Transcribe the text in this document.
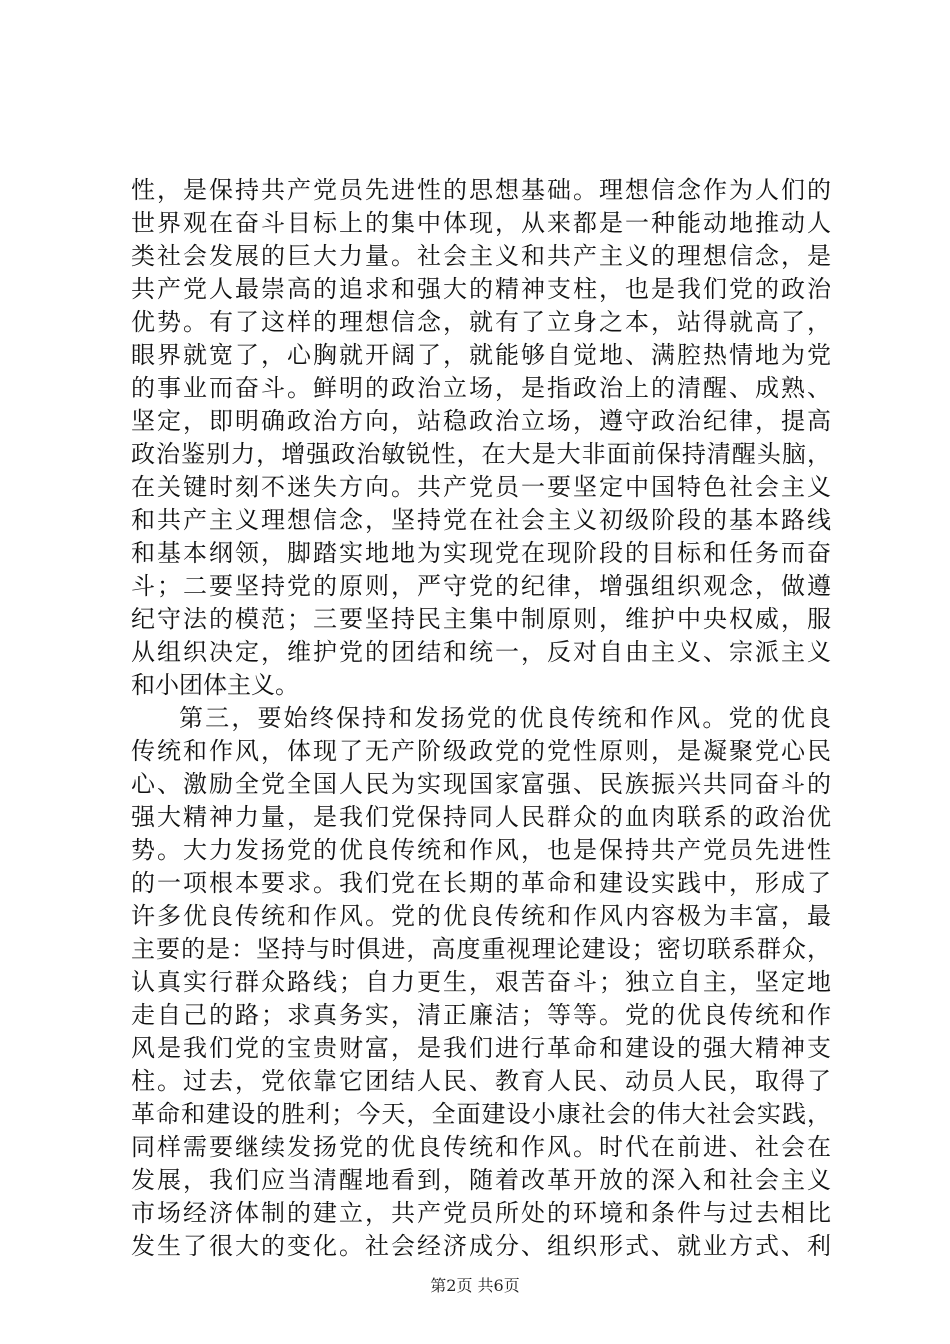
性，是保持共产党员先进性的思想基础。理想信念作为人们的
世界观在奋斗目标上的集中体现，从来都是一种能动地推动人
类社会发展的巨大力量。社会主义和共产主义的理想信念，是
共产党人最崇高的追求和强大的精神支柱，也是我们党的政治
优势。有了这样的理想信念，就有了立身之本，站得就高了，
眼界就宽了，心胸就开阔了，就能够自觉地、满腔热情地为党
的事业而奋斗。鲜明的政治立场，是指政治上的清醒、成熟、
坚定，即明确政治方向，站稳政治立场，遵守政治纪律，提高
政治鉴别力，增强政治敏锐性，在大是大非面前保持清醒头脑，
在关键时刻不迷失方向。共产党员一要坚定中国特色社会主义
和共产主义理想信念，坚持党在社会主义初级阶段的基本路线
和基本纲领，脚踏实地地为实现党在现阶段的目标和任务而奋
斗；二要坚持党的原则，严守党的纪律，增强组织观念，做遵
纪守法的模范；三要坚持民主集中制原则，维护中央权威，服
从组织决定，维护党的团结和统一，反对自由主义、宗派主义
和小团体主义。
第三，要始终保持和发扬党的优良传统和作风。党的优良
传统和作风，体现了无产阶级政党的党性原则，是凝聚党心民
心、激励全党全国人民为实现国家富强、民族振兴共同奋斗的
强大精神力量，是我们党保持同人民群众的血肉联系的政治优
势。大力发扬党的优良传统和作风，也是保持共产党员先进性
的一项根本要求。我们党在长期的革命和建设实践中，形成了
许多优良传统和作风。党的优良传统和作风内容极为丰富，最
主要的是：坚持与时俱进，高度重视理论建设；密切联系群众，
认真实行群众路线；自力更生，艰苦奋斗；独立自主，坚定地
走自己的路；求真务实，清正廉洁；等等。党的优良传统和作
风是我们党的宝贵财富，是我们进行革命和建设的强大精神支
柱。过去，党依靠它团结人民、教育人民、动员人民，取得了
革命和建设的胜利；今天，全面建设小康社会的伟大社会实践，
同样需要继续发扬党的优良传统和作风。时代在前进、社会在
发展，我们应当清醒地看到，随着改革开放的深入和社会主义
市场经济体制的建立，共产党员所处的环境和条件与过去相比
发生了很大的变化。社会经济成分、组织形式、就业方式、利
第2页 共6页
